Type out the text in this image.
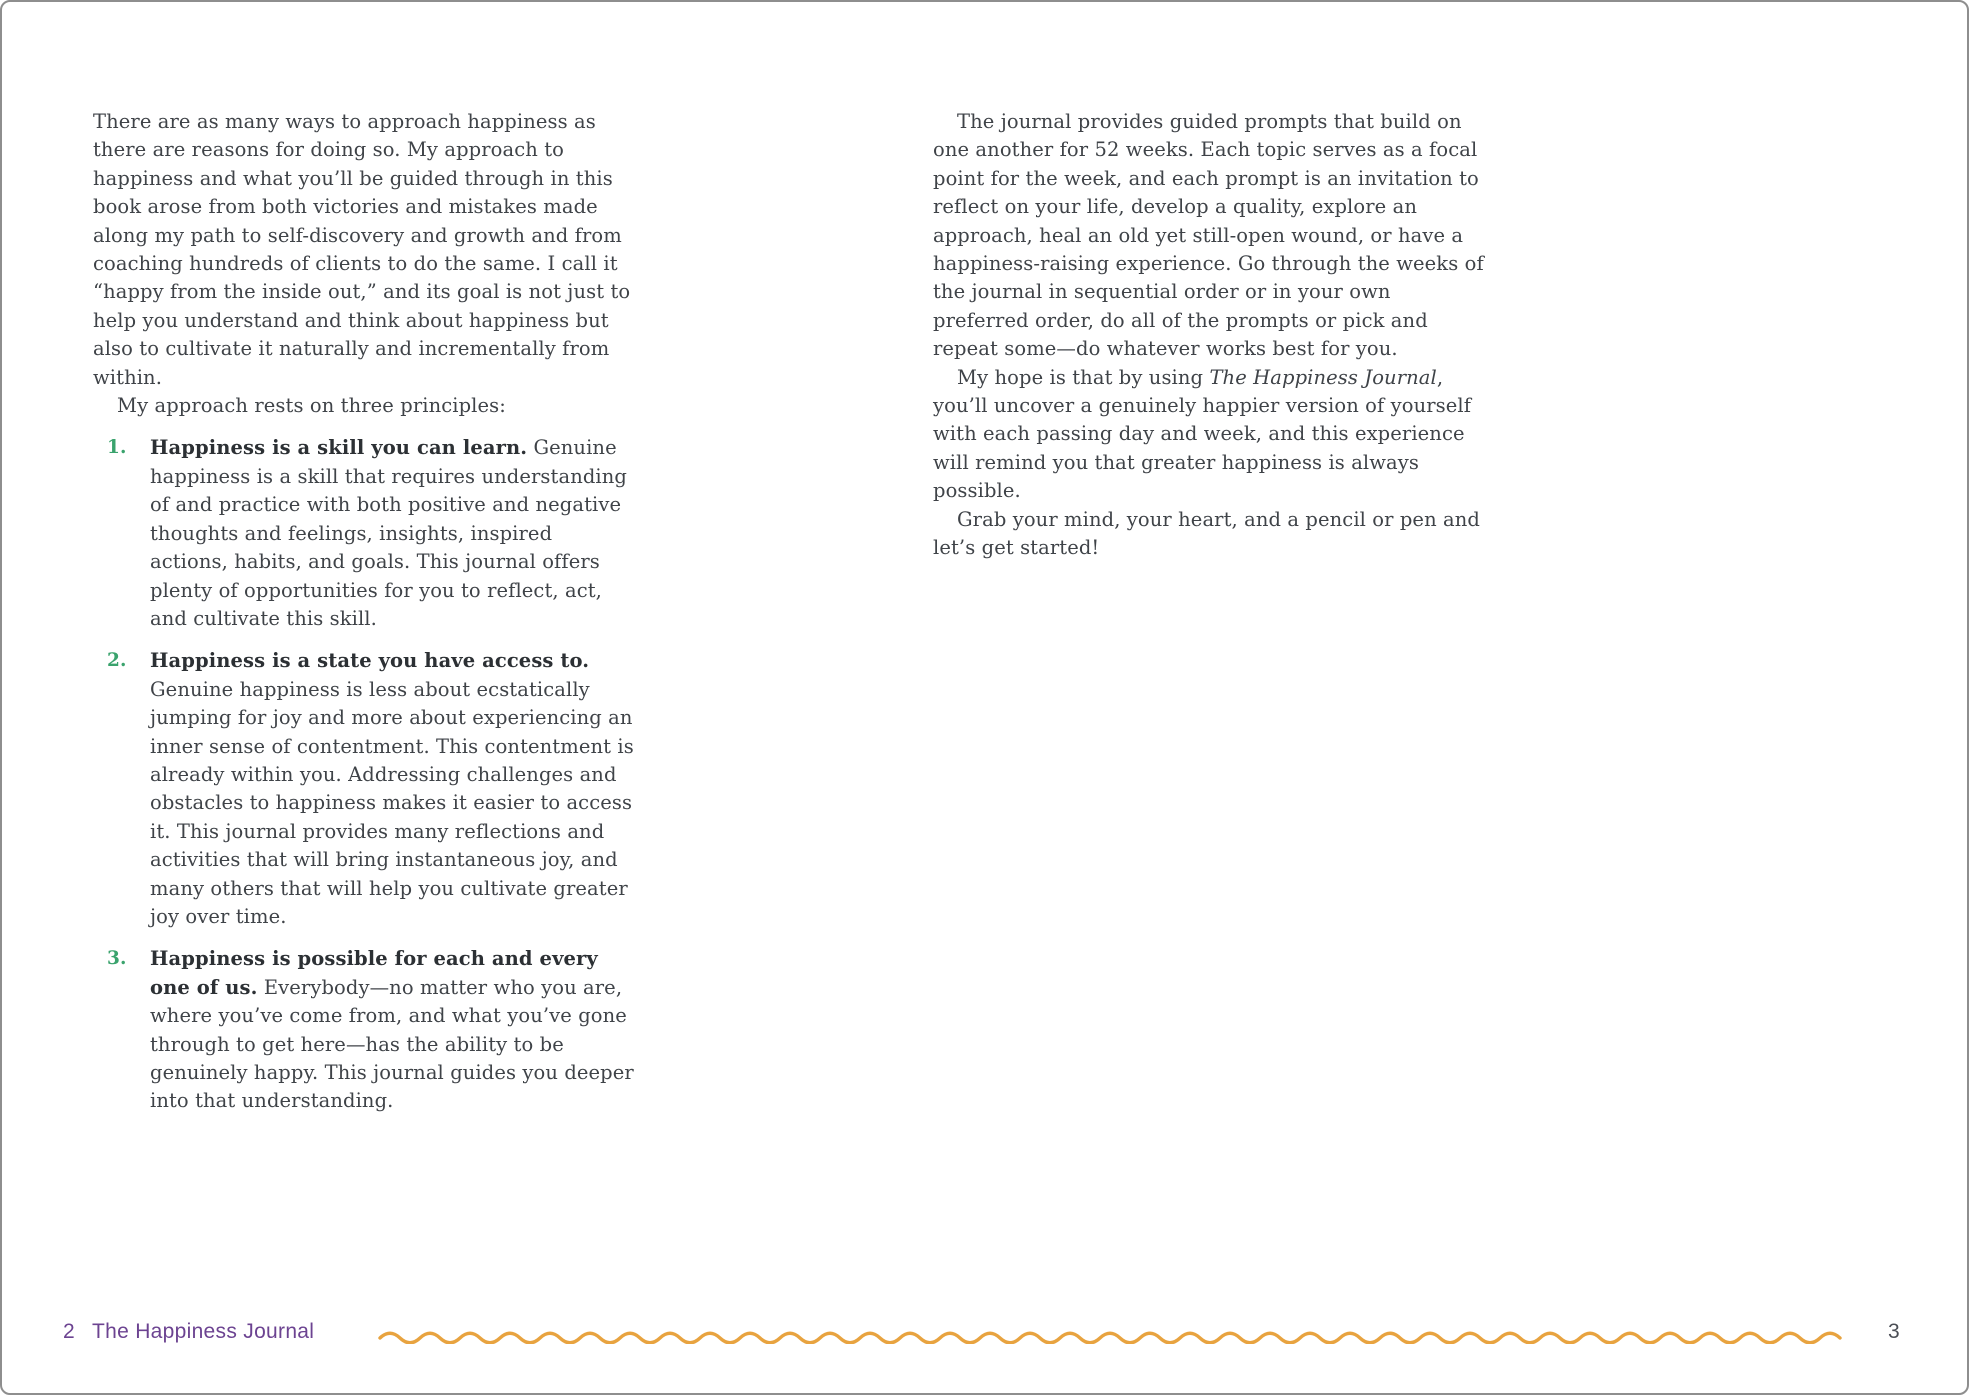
There are as many ways to approach happiness as there are reasons for doing so. My approach to happiness and what you’ll be guided through in this book arose from both victories and mistakes made along my path to self-discovery and growth and from coaching hundreds of clients to do the same. I call it “happy from the inside out,” and its goal is not just to help you understand and think about happiness but also to cultivate it naturally and incrementally from within.

My approach rests on three principles:

1. Happiness is a skill you can learn. Genuine happiness is a skill that requires understanding of and practice with both positive and negative thoughts and feelings, insights, inspired actions, habits, and goals. This journal offers plenty of opportunities for you to reflect, act, and cultivate this skill.
2. Happiness is a state you have access to. Genuine happiness is less about ecstatically jumping for joy and more about experiencing an inner sense of contentment. This contentment is already within you. Addressing challenges and obstacles to happiness makes it easier to access it. This journal provides many reflections and activities that will bring instantaneous joy, and many others that will help you cultivate greater joy over time.
3. Happiness is possible for each and every one of us. Everybody—no matter who you are, where you’ve come from, and what you’ve gone through to get here—has the ability to be genuinely happy. This journal guides you deeper into that understanding.

The journal provides guided prompts that build on one another for 52 weeks. Each topic serves as a focal point for the week, and each prompt is an invitation to reflect on your life, develop a quality, explore an approach, heal an old yet still-open wound, or have a happiness-raising experience. Go through the weeks of the journal in sequential order or in your own preferred order, do all of the prompts or pick and repeat some—do whatever works best for you.

My hope is that by using The Happiness Journal, you’ll uncover a genuinely happier version of yourself with each passing day and week, and this experience will remind you that greater happiness is always possible.

Grab your mind, your heart, and a pencil or pen and let’s get started!

2 The Happiness Journal	3
